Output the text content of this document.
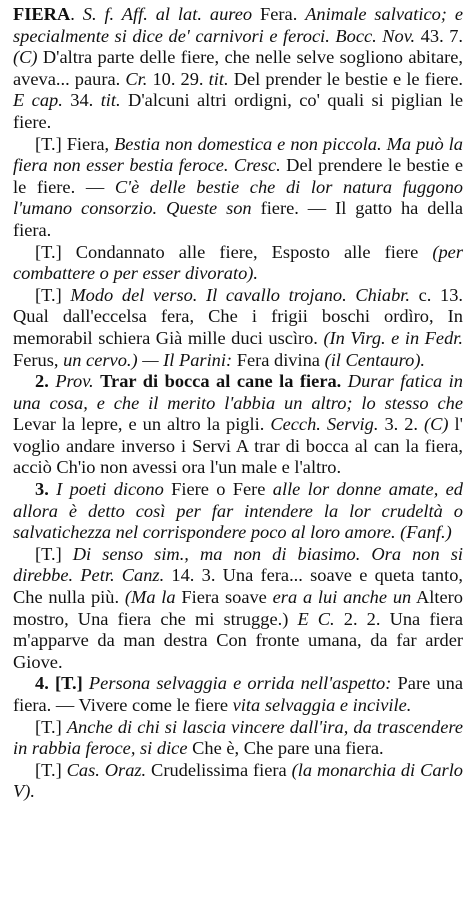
FIERA. S. f. Aff. al lat. aureo Fera. Animale salvatico; e specialmente si dice de' carnivori e feroci. Bocc. Nov. 43. 7. (C) D'altra parte delle fiere, che nelle selve sogliono abitare, aveva... paura. Cr. 10. 29. tit. Del prender le bestie e le fiere. E cap. 34. tit. D'alcuni altri ordigni, co' quali si piglian le fiere.

[T.] Fiera, Bestia non domestica e non piccola. Ma può la fiera non esser bestia feroce. Cresc. Del prendere le bestie e le fiere. — C'è delle bestie che di lor natura fuggono l'umano consorzio. Queste son fiere. — Il gatto ha della fiera.

[T.] Condannato alle fiere, Esposto alle fiere (per combattere o per esser divorato).

[T.] Modo del verso. Il cavallo trojano. Chiabr. c. 13. Qual dall'eccelsa fera, Che i frigii boschi ordìro, In memorabil schiera Già mille duci uscìro. (In Virg. e in Fedr. Ferus, un cervo.) — Il Parini: Fera divina (il Centauro).

2. Prov. Trar di bocca al cane la fiera. Durar fatica in una cosa, e che il merito l'abbia un altro; lo stesso che Levar la lepre, e un altro la pigli. Cecch. Servig. 3. 2. (C) l' voglio andare inverso i Servi A trar di bocca al can la fiera, acciò Ch'io non avessi ora l'un male e l'altro.

3. I poeti dicono Fiere o Fere alle lor donne amate, ed allora è detto così per far intendere la lor crudeltà o salvatichezza nel corrispondere poco al loro amore. (Fanf.)

[T.] Di senso sim., ma non di biasimo. Ora non si direbbe. Petr. Canz. 14. 3. Una fera... soave e queta tanto, Che nulla più. (Ma la Fiera soave era a lui anche un Altero mostro, Una fiera che mi strugge.) E C. 2. 2. Una fiera m'apparve da man destra Con fronte umana, da far arder Giove.

4. [T.] Persona selvaggia e orrida nell'aspetto: Pare una fiera. — Vivere come le fiere vita selvaggia e incivile.

[T.] Anche di chi si lascia vincere dall'ira, da trascendere in rabbia feroce, si dice Che è, Che pare una fiera.

[T.] Cas. Oraz. Crudelissima fiera (la monarchia di Carlo V).
